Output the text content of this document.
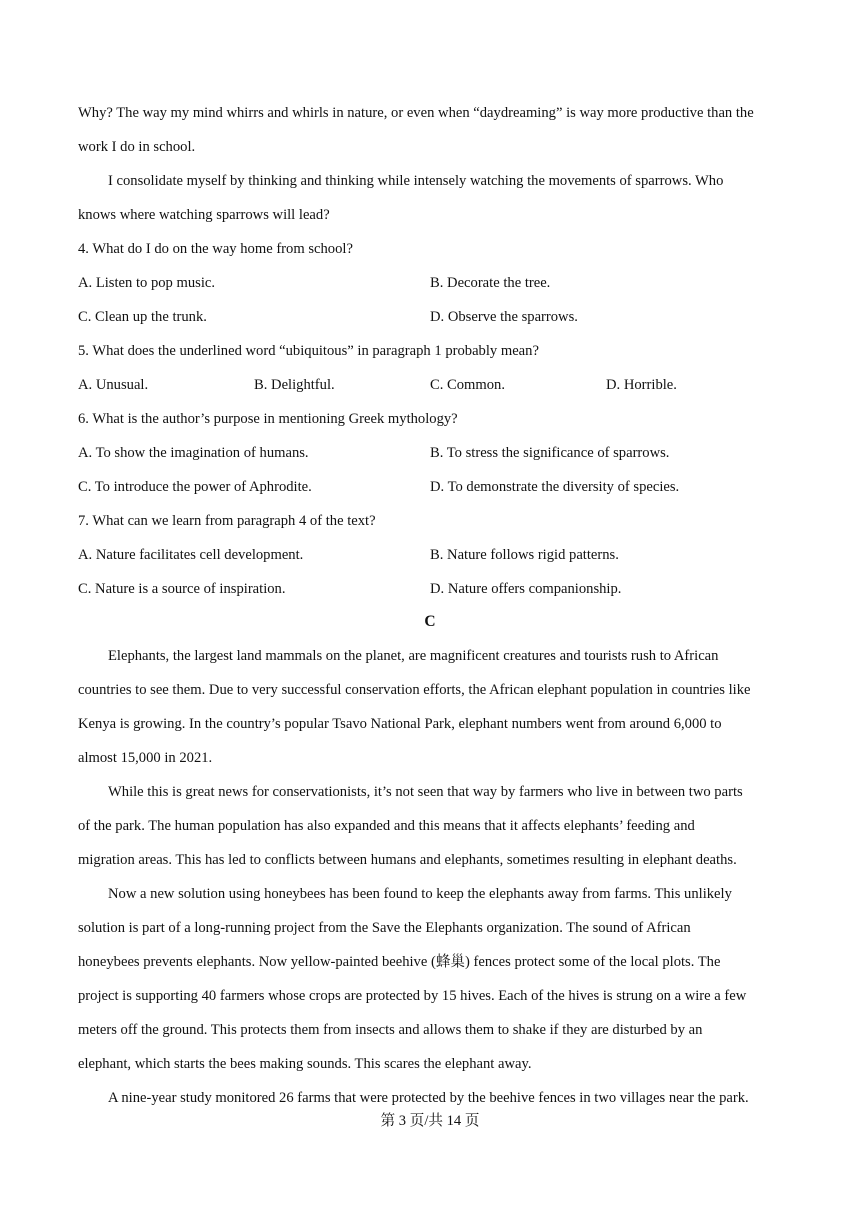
Why? The way my mind whirrs and whirls in nature, or even when “daydreaming” is way more productive than the
work I do in school.
I consolidate myself by thinking and thinking while intensely watching the movements of sparrows. Who
knows where watching sparrows will lead?
4. What do I do on the way home from school?
A. Listen to pop music.	B. Decorate the tree.
C. Clean up the trunk.	D. Observe the sparrows.
5. What does the underlined word “ubiquitous” in paragraph 1 probably mean?
A. Unusual.	B. Delightful.	C. Common.	D. Horrible.
6. What is the author’s purpose in mentioning Greek mythology?
A. To show the imagination of humans.	B. To stress the significance of sparrows.
C. To introduce the power of Aphrodite.	D. To demonstrate the diversity of species.
7. What can we learn from paragraph 4 of the text?
A. Nature facilitates cell development.	B. Nature follows rigid patterns.
C. Nature is a source of inspiration.	D. Nature offers companionship.
C
Elephants, the largest land mammals on the planet, are magnificent creatures and tourists rush to African
countries to see them. Due to very successful conservation efforts, the African elephant population in countries like
Kenya is growing. In the country’s popular Tsavo National Park, elephant numbers went from around 6,000 to
almost 15,000 in 2021.
While this is great news for conservationists, it’s not seen that way by farmers who live in between two parts
of the park. The human population has also expanded and this means that it affects elephants’ feeding and
migration areas. This has led to conflicts between humans and elephants, sometimes resulting in elephant deaths.
Now a new solution using honeybees has been found to keep the elephants away from farms. This unlikely
solution is part of a long-running project from the Save the Elephants organization. The sound of African
honeybees prevents elephants. Now yellow-painted beehive (蜂巢) fences protect some of the local plots. The
project is supporting 40 farmers whose crops are protected by 15 hives. Each of the hives is strung on a wire a few
meters off the ground. This protects them from insects and allows them to shake if they are disturbed by an
elephant, which starts the bees making sounds. This scares the elephant away.
A nine-year study monitored 26 farms that were protected by the beehive fences in two villages near the park.
第 3 页/共 14 页
